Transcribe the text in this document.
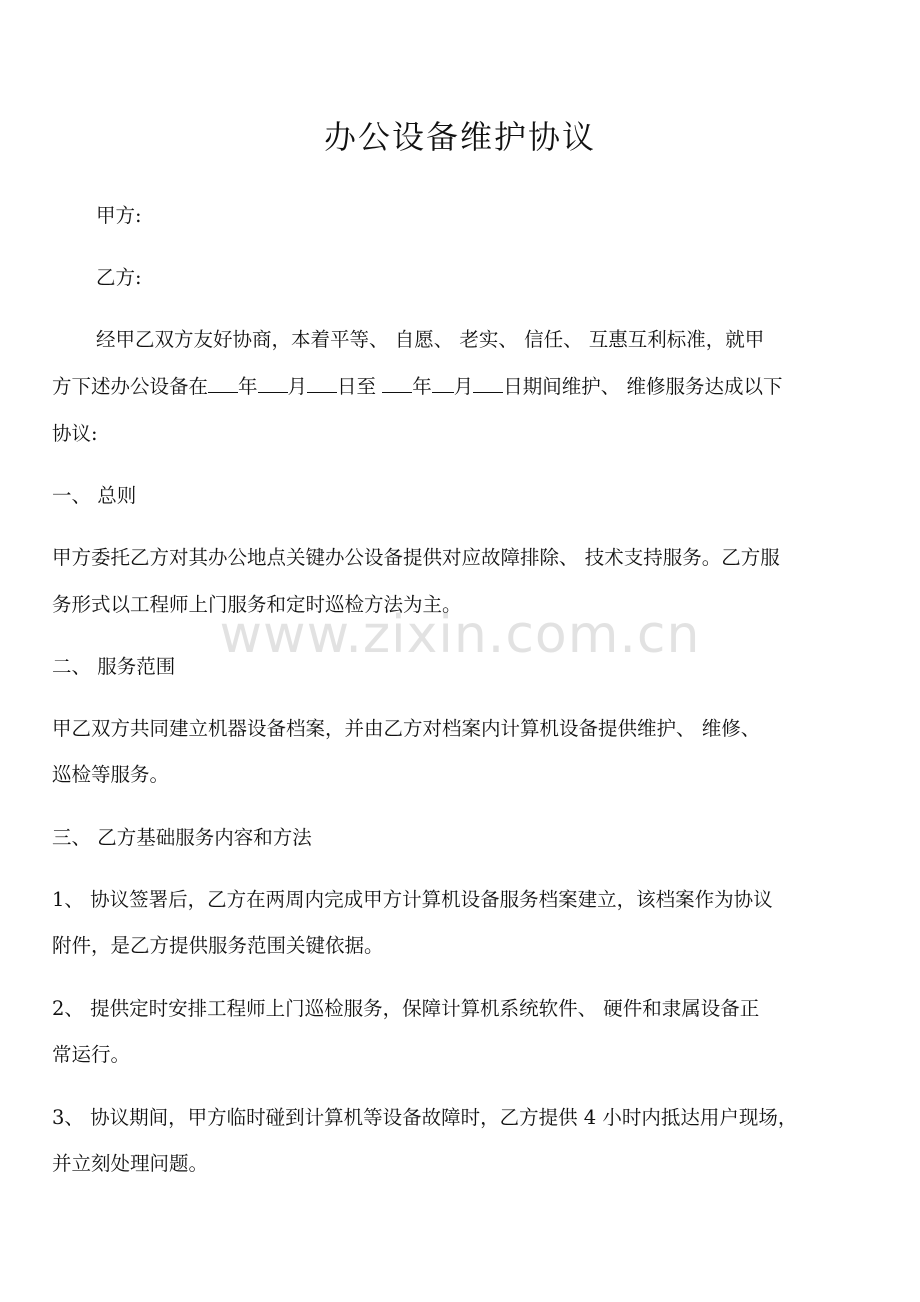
办公设备维护协议

甲方:

乙方:

经甲乙双方友好协商，本着平等、 自愿、 老实、 信任、 互惠互利标准，就甲

方下述办公设备在 年 月 日至 年 月 日期间维护、 维修服务达成以下

协议:

一、 总则

甲方委托乙方对其办公地点关键办公设备提供对应故障排除、 技术支持服务。乙方服

务形式以工程师上门服务和定时巡检方法为主。

二、 服务范围

甲乙双方共同建立机器设备档案，并由乙方对档案内计算机设备提供维护、 维修、

巡检等服务。

三、 乙方基础服务内容和方法

1、 协议签署后，乙方在两周内完成甲方计算机设备服务档案建立，该档案作为协议

附件，是乙方提供服务范围关键依据。

2、 提供定时安排工程师上门巡检服务，保障计算机系统软件、 硬件和隶属设备正

常运行。

3、 协议期间，甲方临时碰到计算机等设备故障时，乙方提供 4 小时内抵达用户现场，

并立刻处理问题。

www.zixin.com.cn
